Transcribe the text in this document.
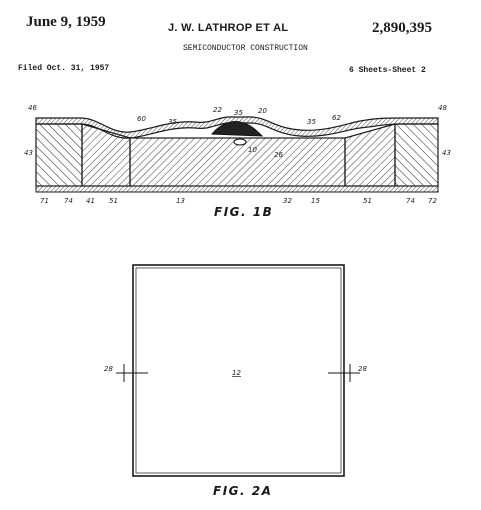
June 9, 1959	J. W. LATHROP ET AL	2,890,395
SEMICONDUCTOR CONSTRUCTION
Filed Oct. 31, 1957	6 Sheets-Sheet 2
46
60	35
22 35 20
35 62
48
43	43
10
26
71 74 41 51	13	32	15	51	74 72
28	28
12
FIG. 1B
FIG. 2A
